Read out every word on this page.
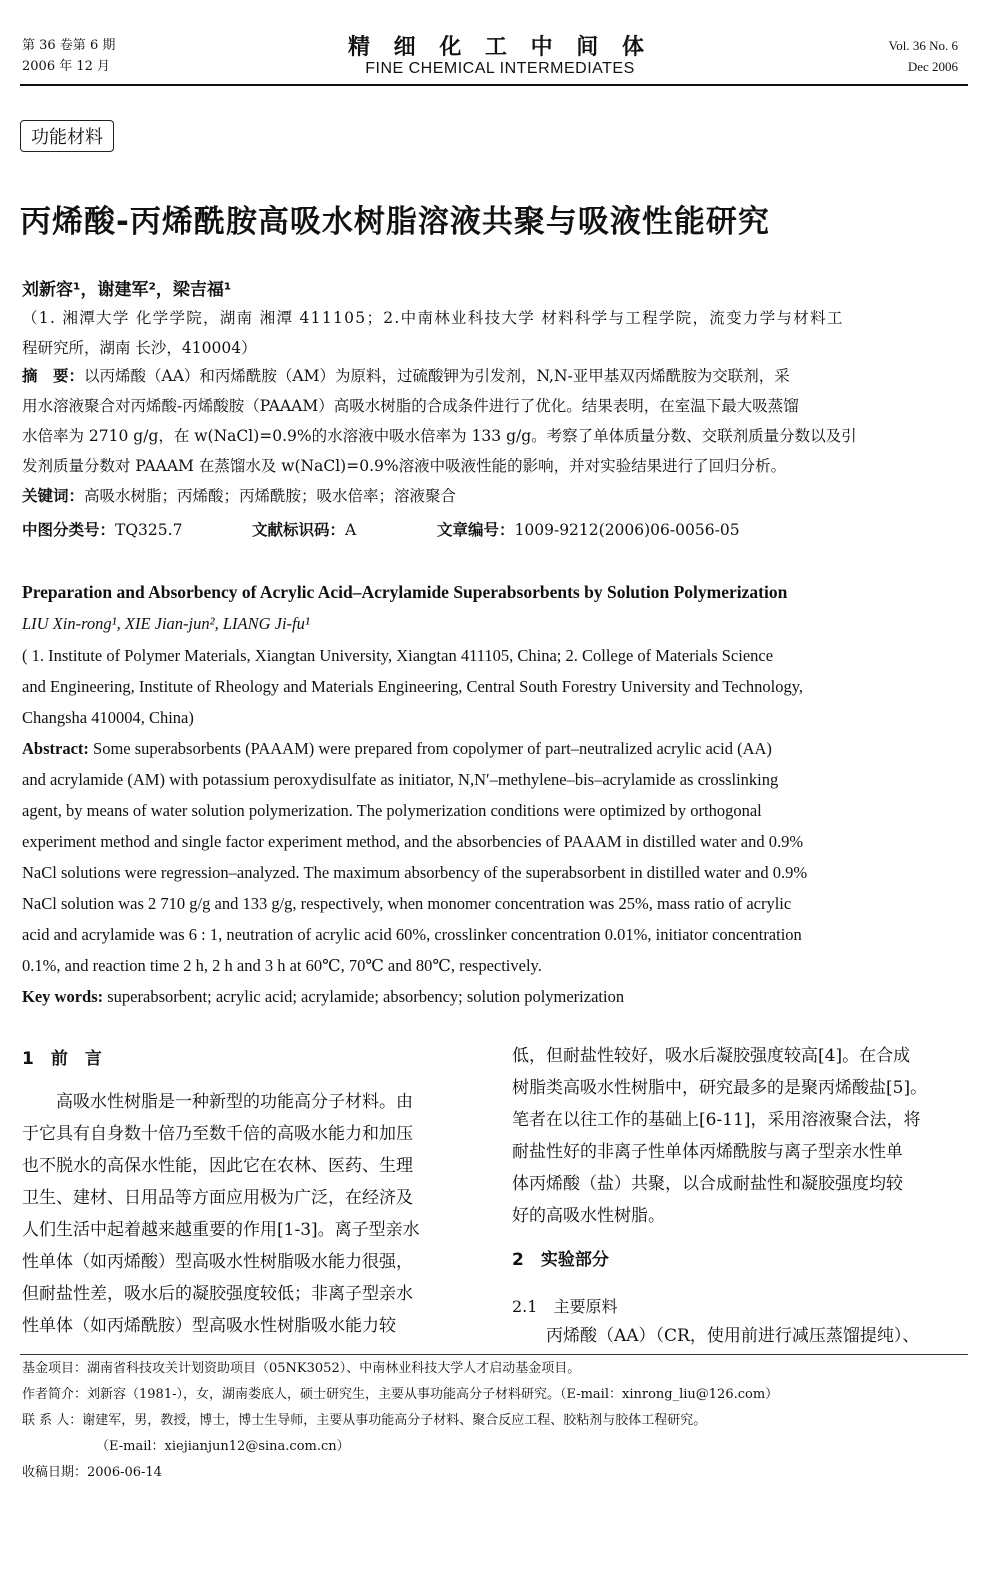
第 36 卷第 6 期
2006 年 12 月
精 细 化 工 中 间 体
FINE CHEMICAL INTERMEDIATES
Vol. 36 No. 6
Dec 2006
功能材料
丙烯酸-丙烯酰胺高吸水树脂溶液共聚与吸液性能研究
刘新容¹，谢建军²，梁吉福¹
（1. 湘潭大学 化学学院，湖南 湘潭 411105；2.中南林业科技大学 材料科学与工程学院，流变力学与材料工
程研究所，湖南 长沙，410004）
摘　要：以丙烯酸（AA）和丙烯酰胺（AM）为原料，过硫酸钾为引发剂，N,N-亚甲基双丙烯酰胺为交联剂，采
用水溶液聚合对丙烯酸-丙烯酸胺（PAAAM）高吸水树脂的合成条件进行了优化。结果表明，在室温下最大吸蒸馏
水倍率为 2710 g/g，在 w(NaCl)=0.9%的水溶液中吸水倍率为 133 g/g。考察了单体质量分数、交联剂质量分数以及引
发剂质量分数对 PAAAM 在蒸馏水及 w(NaCl)=0.9%溶液中吸液性能的影响，并对实验结果进行了回归分析。
关键词：高吸水树脂；丙烯酸；丙烯酰胺；吸水倍率；溶液聚合
中图分类号：TQ325.7	文献标识码：A	文章编号：1009-9212(2006)06-0056-05
Preparation and Absorbency of Acrylic Acid–Acrylamide Superabsorbents by Solution Polymerization
LIU Xin-rong¹, XIE Jian-jun², LIANG Ji-fu¹
( 1. Institute of Polymer Materials, Xiangtan University, Xiangtan 411105, China; 2. College of Materials Science
and Engineering, Institute of Rheology and Materials Engineering, Central South Forestry University and Technology,
Changsha 410004, China)
Abstract: Some superabsorbents (PAAAM) were prepared from copolymer of part–neutralized acrylic acid (AA)
and acrylamide (AM) with potassium peroxydisulfate as initiator, N,N′–methylene–bis–acrylamide as crosslinking
agent, by means of water solution polymerization. The polymerization conditions were optimized by orthogonal
experiment method and single factor experiment method, and the absorbencies of PAAAM in distilled water and 0.9%
NaCl solutions were regression–analyzed. The maximum absorbency of the superabsorbent in distilled water and 0.9%
NaCl solution was 2 710 g/g and 133 g/g, respectively, when monomer concentration was 25%, mass ratio of acrylic
acid and acrylamide was 6 : 1, neutration of acrylic acid 60%, crosslinker concentration 0.01%, initiator concentration
0.1%, and reaction time 2 h, 2 h and 3 h at 60℃, 70℃ and 80℃, respectively.
Key words: superabsorbent; acrylic acid; acrylamide; absorbency; solution polymerization
1　前　言
　　高吸水性树脂是一种新型的功能高分子材料。由
于它具有自身数十倍乃至数千倍的高吸水能力和加压
也不脱水的高保水性能，因此它在农林、医药、生理
卫生、建材、日用品等方面应用极为广泛，在经济及
人们生活中起着越来越重要的作用[1-3]。离子型亲水
性单体（如丙烯酸）型高吸水性树脂吸水能力很强，
但耐盐性差，吸水后的凝胶强度较低；非离子型亲水
性单体（如丙烯酰胺）型高吸水性树脂吸水能力较
低，但耐盐性较好，吸水后凝胶强度较高[4]。在合成
树脂类高吸水性树脂中，研究最多的是聚丙烯酸盐[5]。
笔者在以往工作的基础上[6-11]，采用溶液聚合法，将
耐盐性好的非离子性单体丙烯酰胺与离子型亲水性单
体丙烯酸（盐）共聚，以合成耐盐性和凝胶强度均较
好的高吸水性树脂。
2　实验部分
2.1　主要原料
　　丙烯酸（AA）（CR，使用前进行减压蒸馏提纯）、
基金项目：湖南省科技攻关计划资助项目（05NK3052）、中南林业科技大学人才启动基金项目。
作者简介：刘新容（1981-），女，湖南娄底人，硕士研究生，主要从事功能高分子材料研究。（E-mail：xinrong_liu@126.com）
联 系 人：谢建军，男，教授，博士，博士生导师，主要从事功能高分子材料、聚合反应工程、胶粘剂与胶体工程研究。
（E-mail：xiejianjun12@sina.com.cn）
收稿日期：2006-06-14
